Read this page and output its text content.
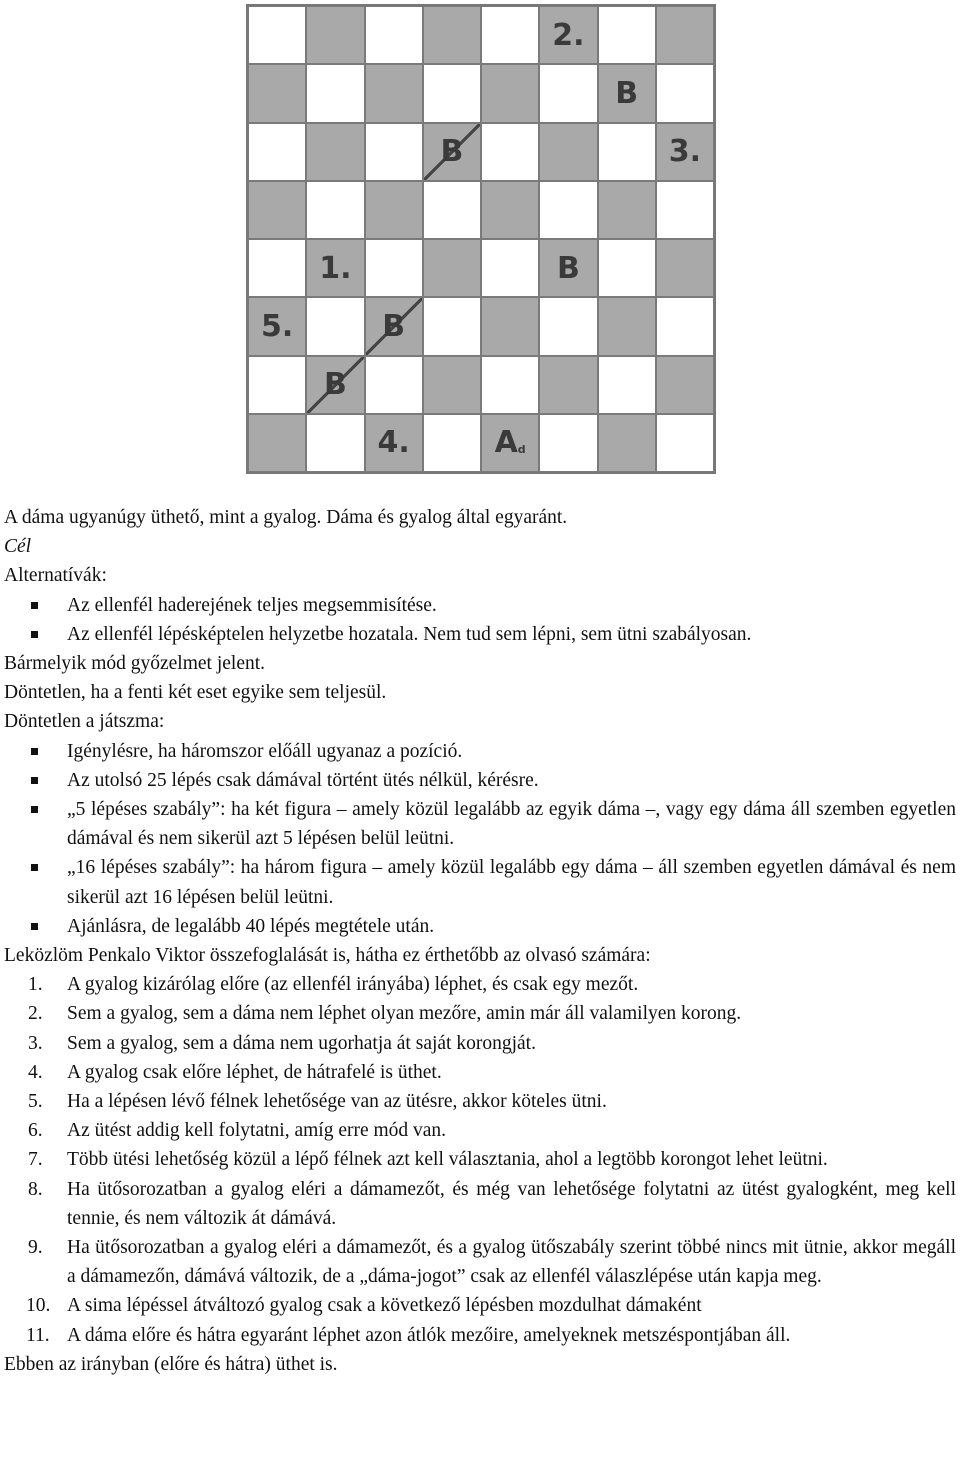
2.
B
B	3.
1.	B
5.	B
B
4.	$A_d$

A dáma ugyanúgy üthető, mint a gyalog. Dáma és gyalog által egyaránt.

Cél

Alternatívák:

Az ellenfél haderejének teljes megsemmisítése.
Az ellenfél lépésképtelen helyzetbe hozatala. Nem tud sem lépni, sem ütni szabályosan.

Bármelyik mód győzelmet jelent.

Döntetlen, ha a fenti két eset egyike sem teljesül.

Döntetlen a játszma:

Igénylésre, ha háromszor előáll ugyanaz a pozíció.
Az utolsó 25 lépés csak dámával történt ütés nélkül, kérésre.
„5 lépéses szabály”: ha két figura – amely közül legalább az egyik dáma –, vagy egy dáma áll szemben egyetlen dámával és nem sikerül azt 5 lépésen belül leütni.
„16 lépéses szabály”: ha három figura – amely közül legalább egy dáma – áll szemben egyetlen dámával és nem sikerül azt 16 lépésen belül leütni.
Ajánlásra, de legalább 40 lépés megtétele után.

Leközlöm Penkalo Viktor összefoglalását is, hátha ez érthetőbb az olvasó számára:

1. A gyalog kizárólag előre (az ellenfél irányába) léphet, és csak egy mezőt.
2. Sem a gyalog, sem a dáma nem léphet olyan mezőre, amin már áll valamilyen korong.
3. Sem a gyalog, sem a dáma nem ugorhatja át saját korongját.
4. A gyalog csak előre léphet, de hátrafelé is üthet.
5. Ha a lépésen lévő félnek lehetősége van az ütésre, akkor köteles ütni.
6. Az ütést addig kell folytatni, amíg erre mód van.
7. Több ütési lehetőség közül a lépő félnek azt kell választania, ahol a legtöbb korongot lehet leütni.
8. Ha ütősorozatban a gyalog eléri a dámamezőt, és még van lehetősége folytatni az ütést gyalogként, meg kell tennie, és nem változik át dámává.
9. Ha ütősorozatban a gyalog eléri a dámamezőt, és a gyalog ütőszabály szerint többé nincs mit ütnie, akkor megáll a dámamezőn, dámává változik, de a „dáma-jogot” csak az ellenfél válaszlépése után kapja meg.
10. A sima lépéssel átváltozó gyalog csak a következő lépésben mozdulhat dámaként
11. A dáma előre és hátra egyaránt léphet azon átlók mezőire, amelyeknek metszéspontjában áll.

Ebben az irányban (előre és hátra) üthet is.
